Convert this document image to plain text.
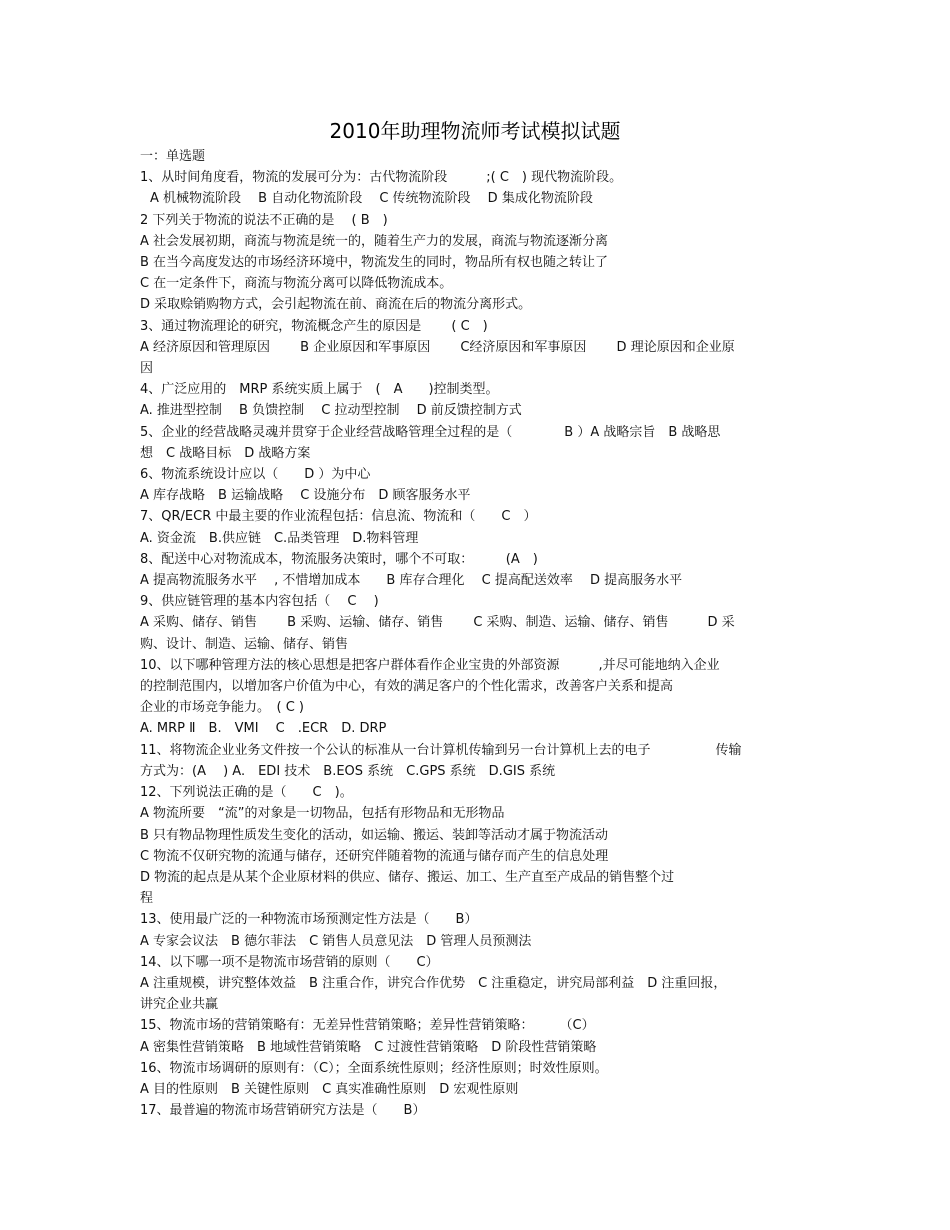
2010年助理物流师考试模拟试题
一：单选题
1、从时间角度看，物流的发展可分为：古代物流阶段　　　;( C　) 现代物流阶段。
A 机械物流阶段　 B 自动化物流阶段　 C 传统物流阶段　 D 集成化物流阶段
2 下列关于物流的说法不正确的是　 ( B　)
A 社会发展初期，商流与物流是统一的，随着生产力的发展，商流与物流逐渐分离
B 在当今高度发达的市场经济环境中，物流发生的同时，物品所有权也随之转让了
C 在一定条件下，商流与物流分离可以降低物流成本。
D 采取赊销购物方式，会引起物流在前、商流在后的物流分离形式。
3、通过物流理论的研究，物流概念产生的原因是　　 ( C　)
A 经济原因和管理原因　　 B 企业原因和军事原因　　 C经济原因和军事原因　　 D 理论原因和企业原
因
4、广泛应用的　MRP 系统实质上属于　(　A　　)控制类型。
A. 推进型控制　 B 负馈控制　 C 拉动型控制　 D 前反馈控制方式
5、企业的经营战略灵魂并贯穿于企业经营战略管理全过程的是（　　　　B ）A 战略宗旨　B 战略思
想　C 战略目标　D 战略方案
6、物流系统设计应以（　　D ）为中心
A 库存战略　B 运输战略　 C 设施分布　D 顾客服务水平
7、QR/ECR 中最主要的作业流程包括：信息流、物流和（　　C　）
A. 资金流　B.供应链　C.品类管理　D.物料管理
8、配送中心对物流成本，物流服务决策时，哪个不可取：　　　(A　)
A 提高物流服务水平　 , 不惜增加成本　　B 库存合理化　 C 提高配送效率　 D 提高服务水平
9、供应链管理的基本内容包括（　 C　 )
A 采购、储存、销售　　 B 采购、运输、储存、销售　　 C 采购、制造、运输、储存、销售　　　D 采
购、设计、制造、运输、储存、销售
10、以下哪种管理方法的核心思想是把客户群体看作企业宝贵的外部资源　　　,并尽可能地纳入企业
的控制范围内，以增加客户价值为中心，有效的满足客户的个性化需求，改善客户关系和提高
企业的市场竞争能力。　( C )
A. MRP Ⅱ　B.　VMI　 C　.ECR　D. DRP
11、将物流企业业务文件按一个公认的标准从一台计算机传输到另一台计算机上去的电子　　　　　传输
方式为：(A　 ) A.　EDI 技术　B.EOS 系统　C.GPS 系统　D.GIS 系统
12、下列说法正确的是（　　C　)。
A 物流所要　“流”的对象是一切物品，包括有形物品和无形物品
B 只有物品物理性质发生变化的活动，如运输、搬运、装卸等活动才属于物流活动
C 物流不仅研究物的流通与储存，还研究伴随着物的流通与储存而产生的信息处理
D 物流的起点是从某个企业原材料的供应、储存、搬运、加工、生产直至产成品的销售整个过
程
13、使用最广泛的一种物流市场预测定性方法是（　　B）
A 专家会议法　B 德尔菲法　C 销售人员意见法　D 管理人员预测法
14、以下哪一项不是物流市场营销的原则（　　C）
A 注重规模，讲究整体效益　B 注重合作，讲究合作优势　C 注重稳定，讲究局部利益　D 注重回报，
讲究企业共赢
15、物流市场的营销策略有：无差异性营销策略；差异性营销策略：　　　（C）
A 密集性营销策略　B 地域性营销策略　C 过渡性营销策略　D 阶段性营销策略
16、物流市场调研的原则有：（C）；全面系统性原则；经济性原则；时效性原则。
A 目的性原则　B 关键性原则　C 真实准确性原则　D 宏观性原则
17、最普遍的物流市场营销研究方法是（　　B）
